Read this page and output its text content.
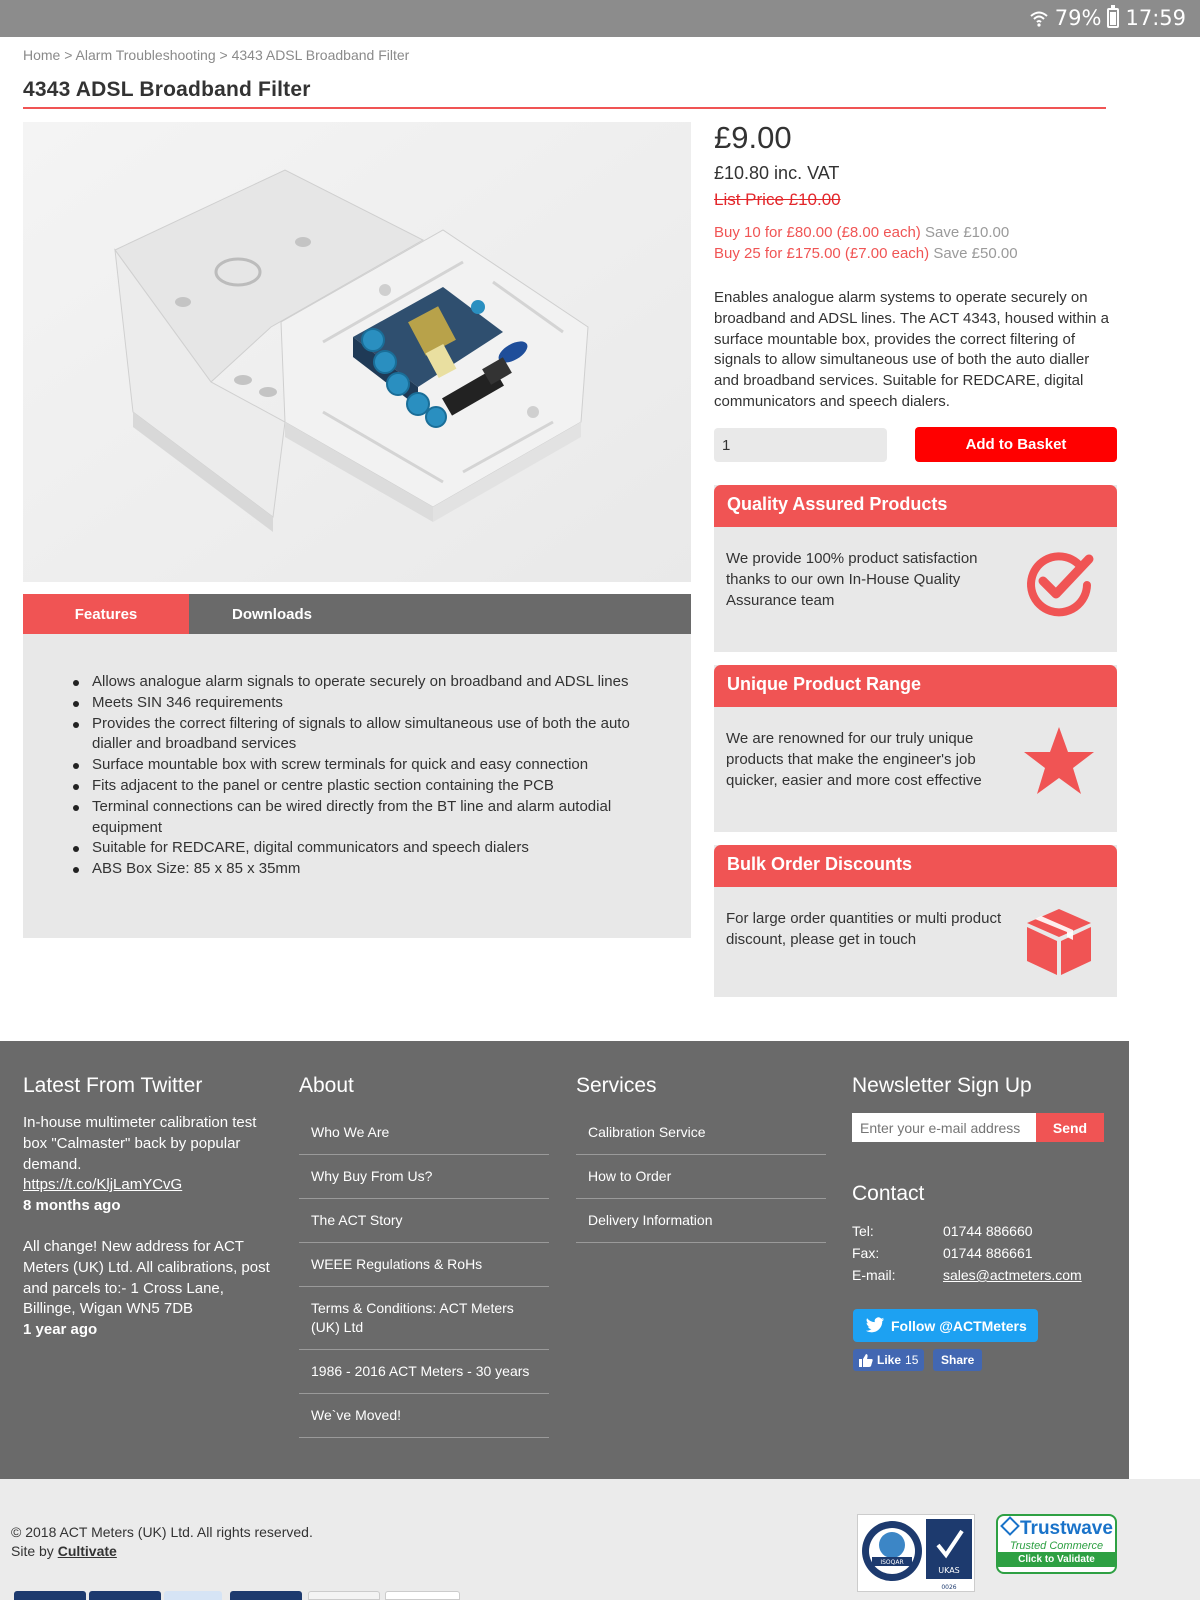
79% 17:59
Home > Alarm Troubleshooting > 4343 ADSL Broadband Filter
4343 ADSL Broadband Filter
Features	Downloads
Allows analogue alarm signals to operate securely on broadband and ADSL lines
Meets SIN 346 requirements
Provides the correct filtering of signals to allow simultaneous use of both the auto dialler and broadband services
Surface mountable box with screw terminals for quick and easy connection
Fits adjacent to the panel or centre plastic section containing the PCB
Terminal connections can be wired directly from the BT line and alarm autodial equipment
Suitable for REDCARE, digital communicators and speech dialers
ABS Box Size: 85 x 85 x 35mm
£9.00
£10.80 inc. VAT
List Price £10.00
Buy 10 for £80.00 (£8.00 each) Save £10.00
Buy 25 for £175.00 (£7.00 each) Save £50.00

Enables analogue alarm systems to operate securely on broadband and ADSL lines. The ACT 4343, housed within a surface mountable box, provides the correct filtering of signals to allow simultaneous use of both the auto dialler and broadband services. Suitable for REDCARE, digital communicators and speech dialers.

1
Add to Basket
Quality Assured Products

We provide 100% product satisfaction thanks to our own In-House Quality Assurance team

Unique Product Range

We are renowned for our truly unique products that make the engineer's job quicker, easier and more cost effective

Bulk Order Discounts

For large order quantities or multi product discount, please get in touch

Latest From Twitter
In-house multimeter calibration test box "Calmaster" back by popular demand.
https://t.co/KljLamYCvG
8 months ago
All change! New address for ACT Meters (UK) Ltd. All calibrations, post and parcels to:- 1 Cross Lane, Billinge, Wigan WN5 7DB
1 year ago
About
Who We Are
Why Buy From Us?
The ACT Story
WEEE Regulations & RoHs
Terms & Conditions: ACT Meters (UK) Ltd
1986 - 2016 ACT Meters - 30 years
We`ve Moved!
Services
Calibration Service
How to Order
Delivery Information
Newsletter Sign Up
Enter your e-mail address
Send
Contact
Tel:	01744 886660
Fax:	01744 886661
E-mail:	sales@actmeters.com
Follow @ACTMeters
Like 15	Share
© 2018 ACT Meters (UK) Ltd. All rights reserved.
Site by Cultivate
ISOQAR
UKAS
0026
Trustwave
Trusted Commerce
Click to Validate
